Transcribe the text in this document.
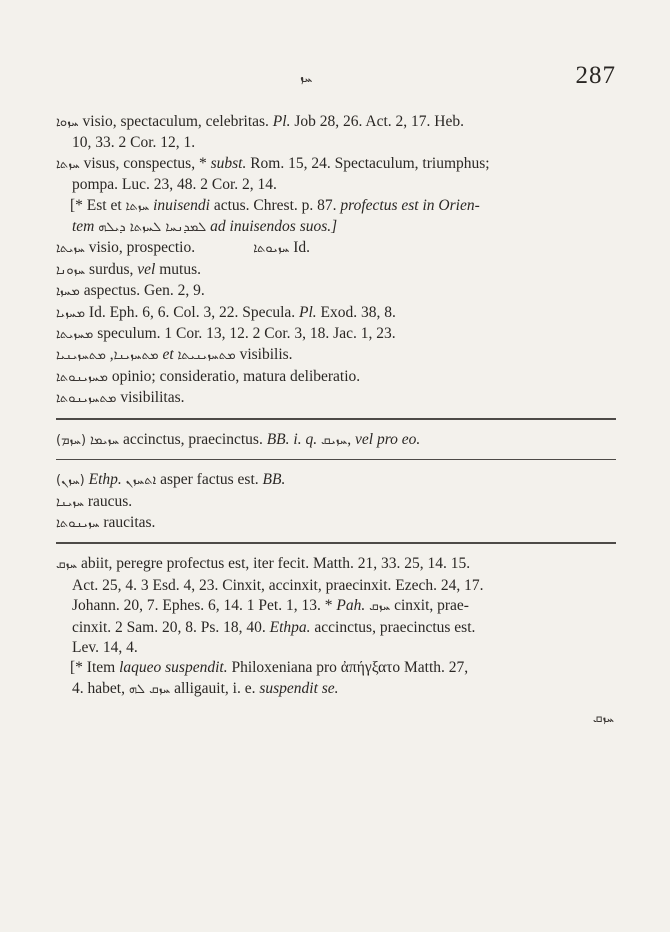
ܚܙ	287

ܚܙܘܐ visio, spectaculum, celebritas. Pl. Job 28, 26. Act. 2, 17. Heb.

10, 33. 2 Cor. 12, 1.

ܚܙܬܐ visus, conspectus, * subst. Rom. 15, 24. Spectaculum, triumphus;

pompa. Luc. 23, 48. 2 Cor. 2, 14.

[* Est et ܚܙܬܐ inuisendi actus. Chrest. p. 87. profectus est in Orien-

tem ܠܡܕܢܚܐ ܠܚܙܬܐ ܕܝܠܗ ad inuisendos suos.]

ܚܙܝܬܐ visio, prospectio.	ܚܙܝܘܬܐ Id.

ܚܙܘܢܐ surdus, vel mutus.

ܡܚܙܐ aspectus. Gen. 2, 9.

ܡܚܙܝܐ Id. Eph. 6, 6. Col. 3, 22. Specula. Pl. Exod. 38, 8.

ܡܚܙܝܬܐ speculum. 1 Cor. 13, 12. 2 Cor. 3, 18. Jac. 1, 23.

ܡܬܚܙܝܢܐ, ܡܬܚܙܝܢܝܐ	et ܡܬܚܙܝܢܝܬܐ visibilis.

ܡܚܙܝܢܘܬܐ opinio; consideratio, matura deliberatio.

ܡܬܚܙܝܢܘܬܐ visibilitas.

(ܚܙܡ) ܚܙܝܡܐ accinctus, praecinctus. BB. i. q. ܚܙܝܩ, vel pro eo.

(ܚܙܢ) Ethp. ܐܬܚܙܢ asper factus est. BB.

ܚܙܝܢܐ raucus.

ܚܙܝܢܘܬܐ raucitas.

ܚܙܩ abiit, peregre profectus est, iter fecit. Matth. 21, 33. 25, 14. 15.

Act. 25, 4. 3 Esd. 4, 23. Cinxit, accinxit, praecinxit. Ezech. 24, 17.

Johann. 20, 7. Ephes. 6, 14. 1 Pet. 1, 13. * Pah. ܚܙܩ cinxit, prae-

cinxit. 2 Sam. 20, 8. Ps. 18, 40. Ethpa. accinctus, praecinctus est.

Lev. 14, 4.

[* Item laqueo suspendit. Philoxeniana pro ἀπήγξατο Matth. 27,

4. habet, ܚܙܩ ܠܗ alligauit, i. e. suspendit se.

ܚܙܩ
